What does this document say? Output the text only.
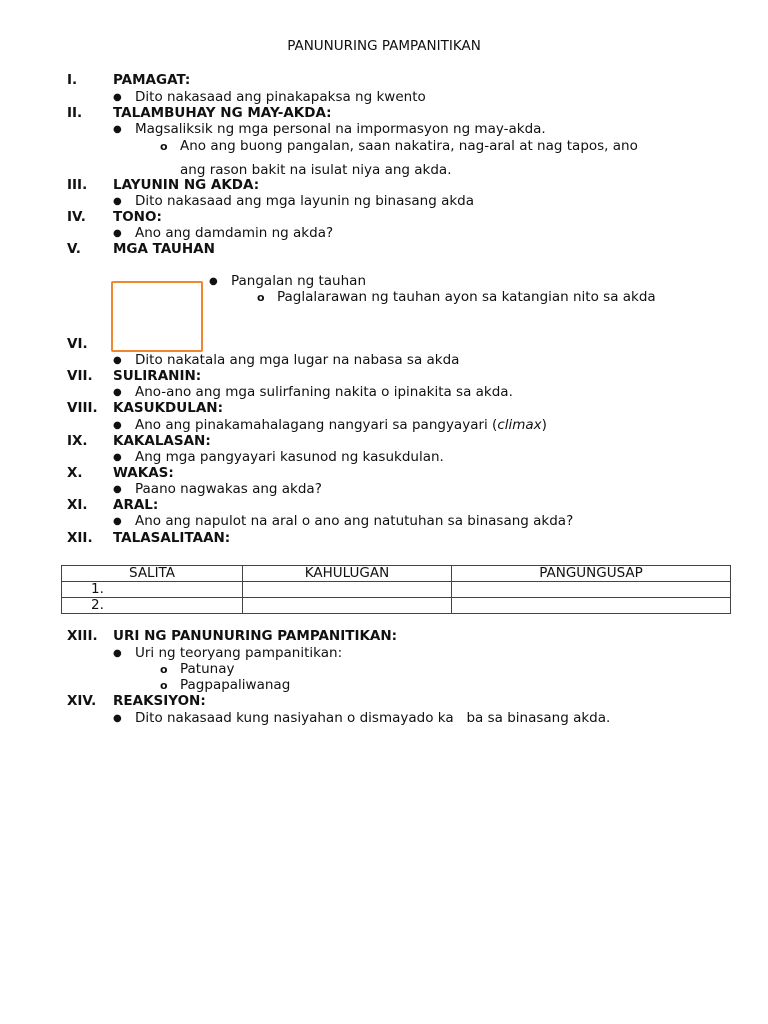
PANUNURING PAMPANITIKAN
I.	PAMAGAT:
● Dito nakasaad ang pinakapaksa ng kwento
II. TALAMBUHAY NG MAY-AKDA:
● Magsaliksik ng mga personal na impormasyon ng may-akda.
o Ano ang buong pangalan, saan nakatira, nag-aral at nag tapos, ano
ang rason bakit na isulat niya ang akda.
III. LAYUNIN NG AKDA:
● Dito nakasaad ang mga layunin ng binasang akda
IV. TONO:
● Ano ang damdamin ng akda?
V. MGA TAUHAN
● Pangalan ng tauhan
o Paglalarawan ng tauhan ayon sa katangian nito sa akda
VI.
● Dito nakatala ang mga lugar na nabasa sa akda
VII. SULIRANIN:
● Ano-ano ang mga sulirfaning nakita o ipinakita sa akda.
VIII. KASUKDULAN:
● Ano ang pinakamahalagang nangyari sa pangyayari (climax)
IX. KAKALASAN:
● Ang mga pangyayari kasunod ng kasukdulan.
X. WAKAS:
● Paano nagwakas ang akda?
XI. ARAL:
● Ano ang napulot na aral o ano ang natutuhan sa binasang akda?
XII. TALASALITAAN:
SALITA	KAHULUGAN	PANGUNGUSAP
1.		
2.		
XIII. URI NG PANUNURING PAMPANITIKAN:
● Uri ng teoryang pampanitikan:
o Patunay
o Pagpapaliwanag
XIV. REAKSIYON:
● Dito nakasaad kung nasiyahan o dismayado ka   ba sa binasang akda.
